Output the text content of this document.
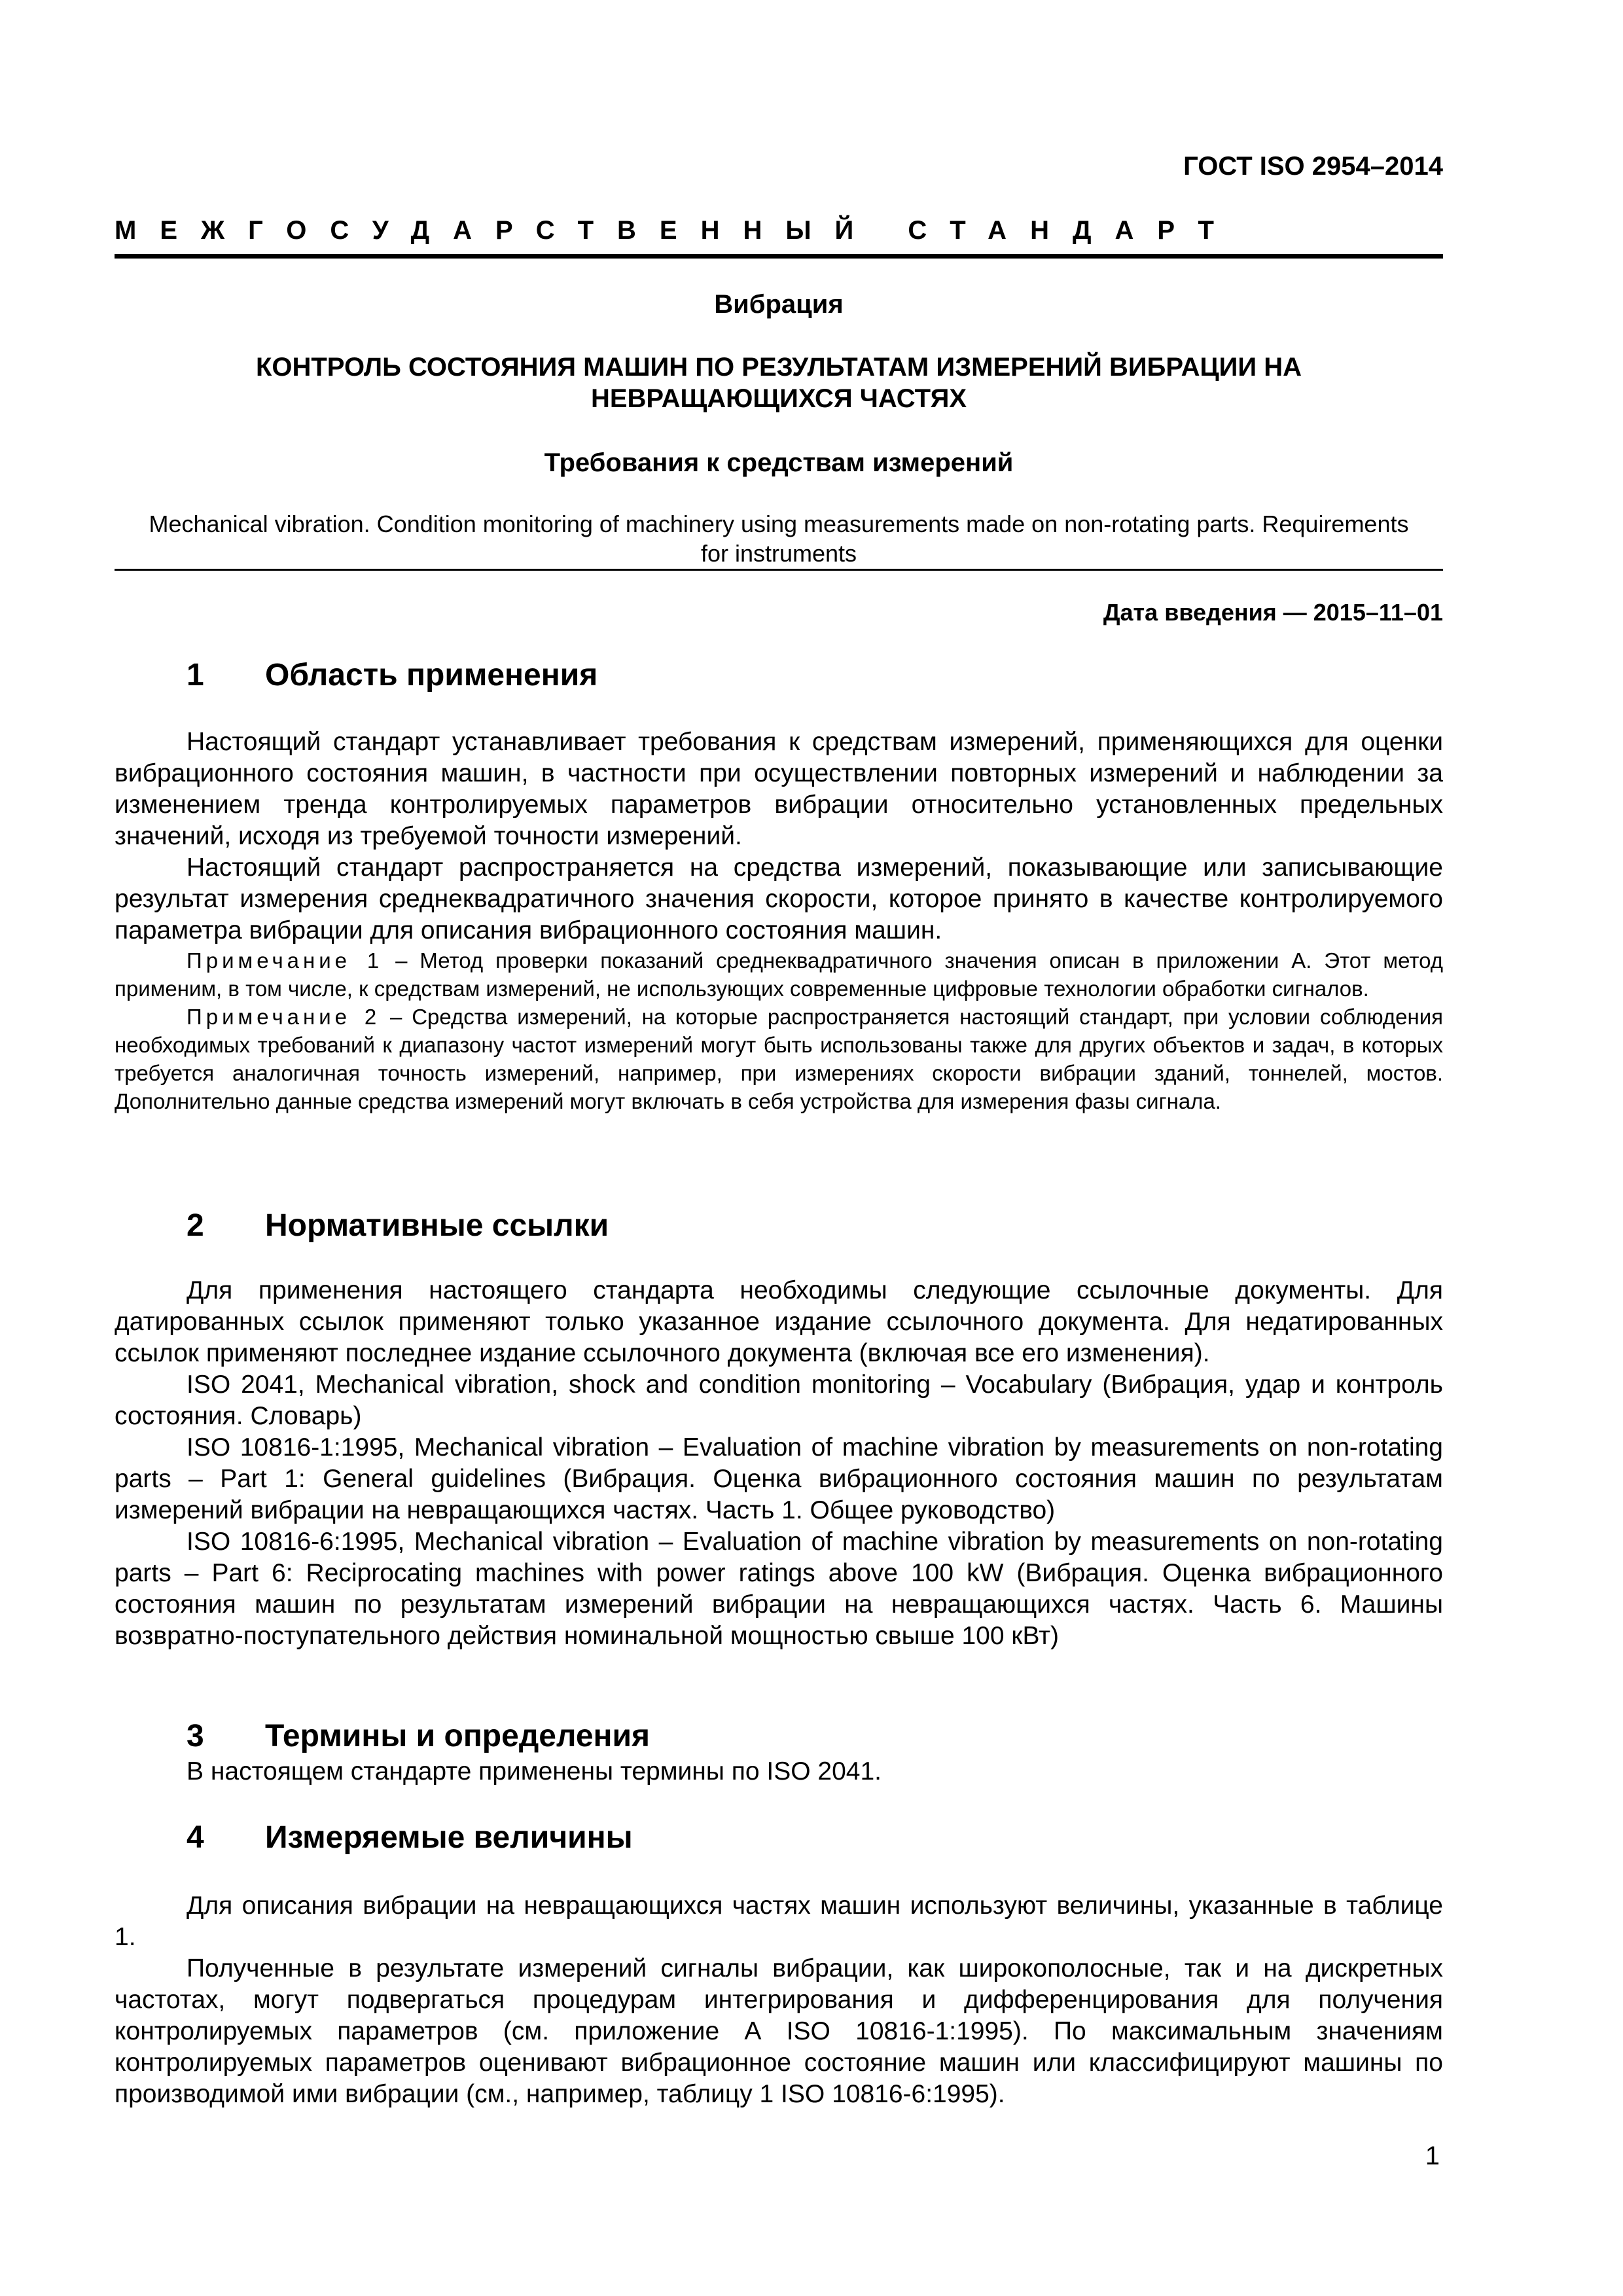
ГОСТ ISO 2954–2014
МЕЖГОСУДАРСТВЕННЫЙ СТАНДАРТ
Вибрация
КОНТРОЛЬ СОСТОЯНИЯ МАШИН ПО РЕЗУЛЬТАТАМ ИЗМЕРЕНИЙ ВИБРАЦИИ НА
НЕВРАЩАЮЩИХСЯ ЧАСТЯХ
Требования к средствам измерений
Mechanical vibration. Condition monitoring of machinery using measurements made on non-rotating parts. Requirements
for instruments
Дата введения — 2015–11–01
1 Область применения

Настоящий стандарт устанавливает требования к средствам измерений, применяющихся для оценки вибрационного состояния машин, в частности при осуществлении повторных измерений и наблюдении за изменением тренда контролируемых параметров вибрации относительно установленных предельных значений, исходя из требуемой точности измерений.

Настоящий стандарт распространяется на средства измерений, показывающие или записывающие результат измерения среднеквадратичного значения скорости, которое принято в качестве контролируемого параметра вибрации для описания вибрационного состояния машин.

Примечание 1 – Метод проверки показаний среднеквадратичного значения описан в приложении А. Этот метод применим, в том числе, к средствам измерений, не использующих современные цифровые технологии обработки сигналов.

Примечание 2 – Средства измерений, на которые распространяется настоящий стандарт, при условии соблюдения необходимых требований к диапазону частот измерений могут быть использованы также для других объектов и задач, в которых требуется аналогичная точность измерений, например, при измерениях скорости вибрации зданий, тоннелей, мостов. Дополнительно данные средства измерений могут включать в себя устройства для измерения фазы сигнала.

2 Нормативные ссылки

Для применения настоящего стандарта необходимы следующие ссылочные документы. Для датированных ссылок применяют только указанное издание ссылочного документа. Для недатированных ссылок применяют последнее издание ссылочного документа (включая все его изменения).

ISO 2041, Mechanical vibration, shock and condition monitoring – Vocabulary (Вибрация, удар и контроль состояния. Словарь)

ISO 10816-1:1995, Mechanical vibration – Evaluation of machine vibration by measurements on non-rotating parts – Part 1: General guidelines (Вибрация. Оценка вибрационного состояния машин по результатам измерений вибрации на невращающихся частях. Часть 1. Общее руководство)

ISO 10816-6:1995, Mechanical vibration – Evaluation of machine vibration by measurements on non-rotating parts – Part 6: Reciprocating machines with power ratings above 100 kW (Вибрация. Оценка вибрационного состояния машин по результатам измерений вибрации на невращающихся частях. Часть 6. Машины возвратно-поступательного действия номинальной мощностью свыше 100 кВт)

3 Термины и определения

В настоящем стандарте применены термины по ISO 2041.

4 Измеряемые величины

Для описания вибрации на невращающихся частях машин используют величины, указанные в таблице 1.

Полученные в результате измерений сигналы вибрации, как широкополосные, так и на дискретных частотах, могут подвергаться процедурам интегрирования и дифференцирования для получения контролируемых параметров (см. приложение А ISO 10816-1:1995). По максимальным значениям контролируемых параметров оценивают вибрационное состояние машин или классифицируют машины по производимой ими вибрации (см., например, таблицу 1 ISO 10816-6:1995).

1
